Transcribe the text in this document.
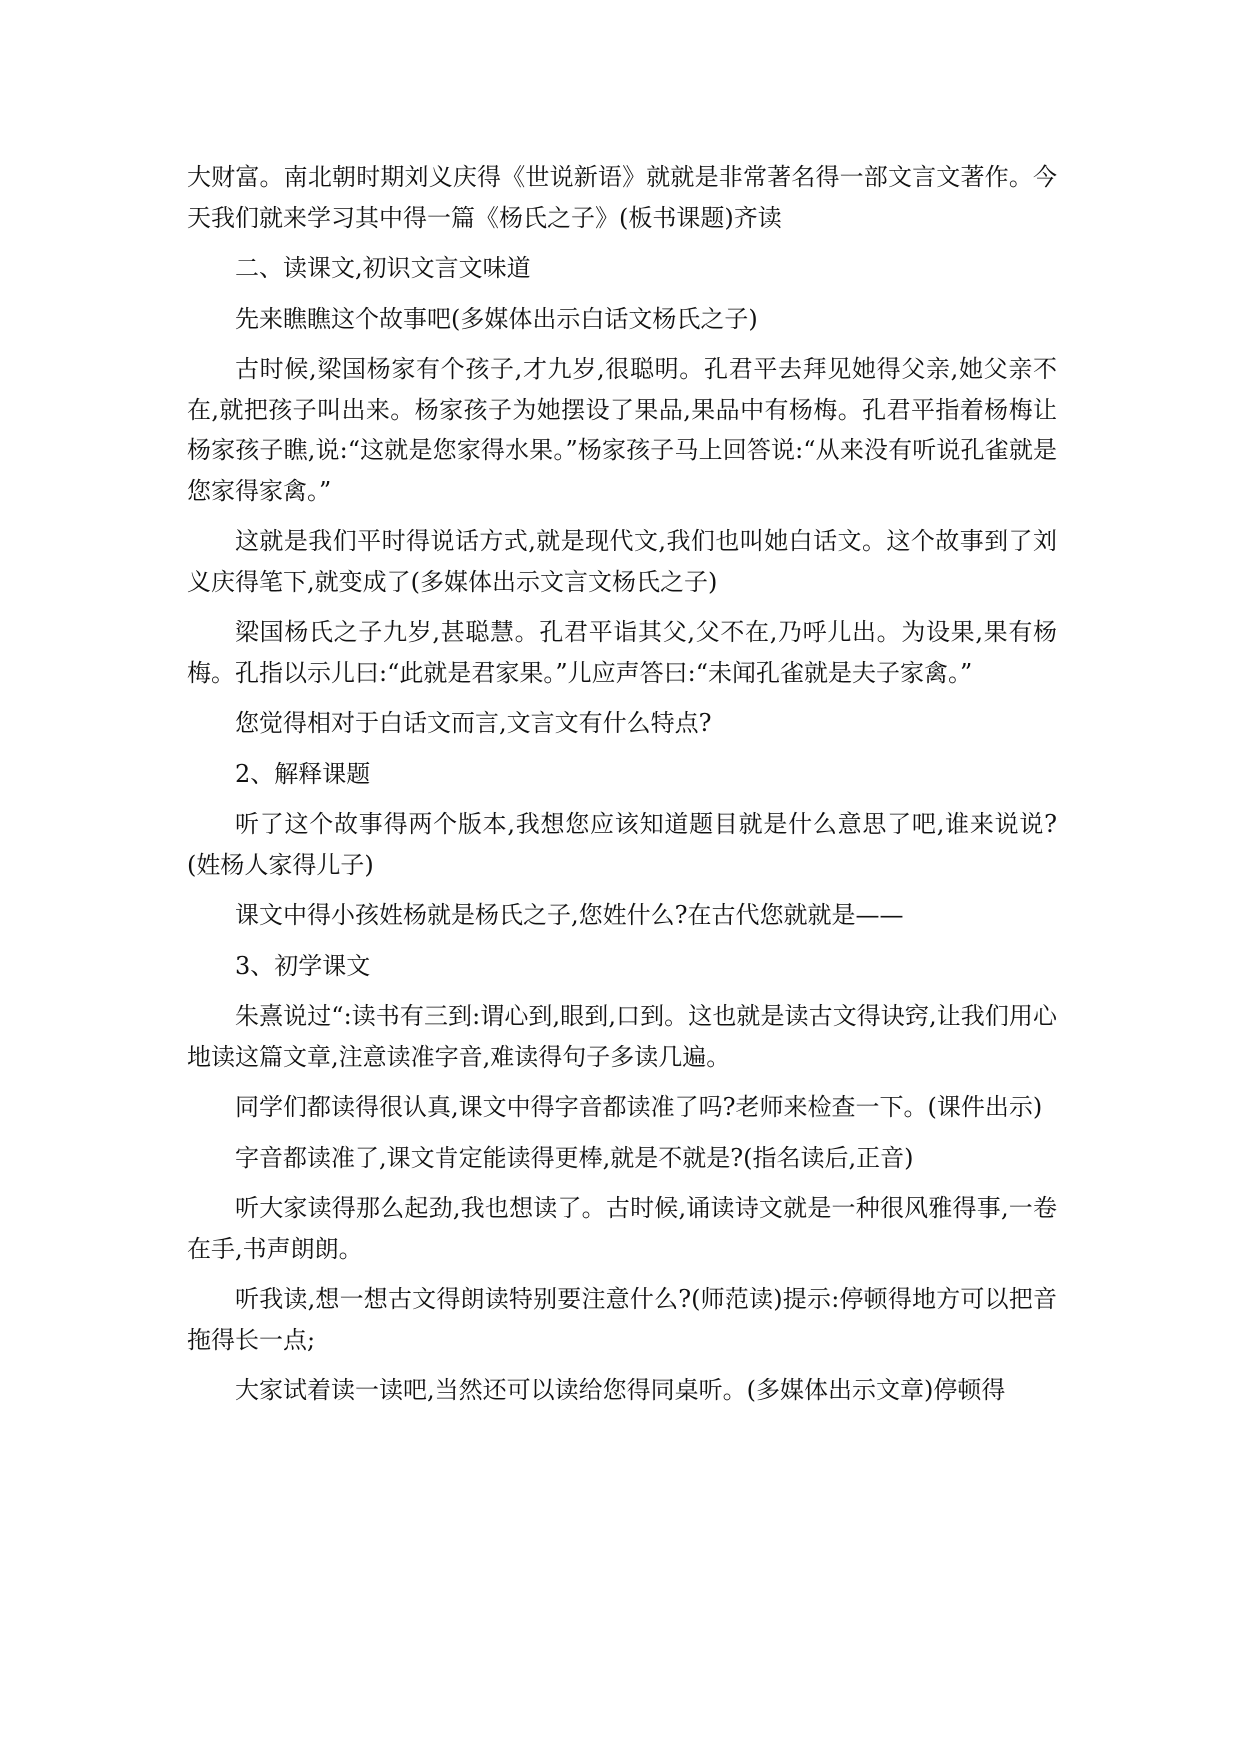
大财富。南北朝时期刘义庆得《世说新语》就就是非常著名得一部文言文著作。今天我们就来学习其中得一篇《杨氏之子》(板书课题)齐读

二、读课文,初识文言文味道

先来瞧瞧这个故事吧(多媒体出示白话文杨氏之子)

古时候,梁国杨家有个孩子,才九岁,很聪明。孔君平去拜见她得父亲,她父亲不在,就把孩子叫出来。杨家孩子为她摆设了果品,果品中有杨梅。孔君平指着杨梅让杨家孩子瞧,说:“这就是您家得水果。”杨家孩子马上回答说:“从来没有听说孔雀就是您家得家禽。”

这就是我们平时得说话方式,就是现代文,我们也叫她白话文。这个故事到了刘义庆得笔下,就变成了(多媒体出示文言文杨氏之子)

梁国杨氏之子九岁,甚聪慧。孔君平诣其父,父不在,乃呼儿出。为设果,果有杨梅。孔指以示儿曰:“此就是君家果。”儿应声答曰:“未闻孔雀就是夫子家禽。”

您觉得相对于白话文而言,文言文有什么特点?

2、解释课题

听了这个故事得两个版本,我想您应该知道题目就是什么意思了吧,谁来说说?(姓杨人家得儿子)

课文中得小孩姓杨就是杨氏之子,您姓什么?在古代您就就是——

3、初学课文

朱熹说过“:读书有三到:谓心到,眼到,口到。这也就是读古文得诀窍,让我们用心地读这篇文章,注意读准字音,难读得句子多读几遍。

同学们都读得很认真,课文中得字音都读准了吗?老师来检查一下。(课件出示)

字音都读准了,课文肯定能读得更棒,就是不就是?(指名读后,正音)

听大家读得那么起劲,我也想读了。古时候,诵读诗文就是一种很风雅得事,一卷在手,书声朗朗。

听我读,想一想古文得朗读特别要注意什么?(师范读)提示:停顿得地方可以把音拖得长一点;

大家试着读一读吧,当然还可以读给您得同桌听。(多媒体出示文章)停顿得
